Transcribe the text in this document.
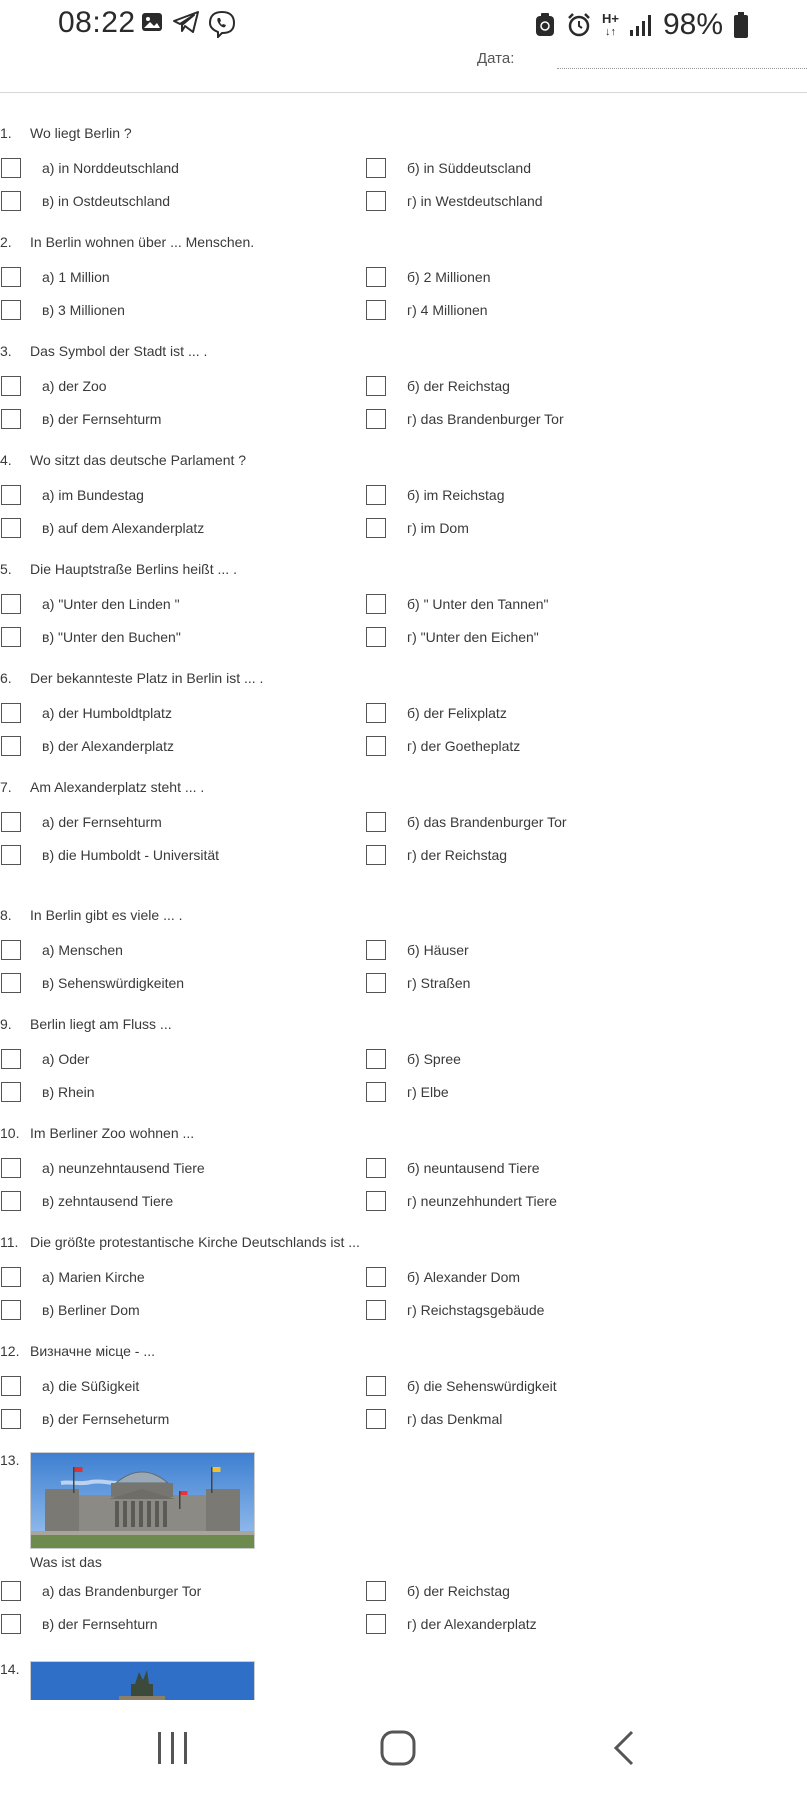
08:22	H+
↓↑ 98%
Дата:
1. Wo liegt Berlin ?
а) in Norddeutschland	б) in Süddeutscland
в) in Ostdeutschland	г) in Westdeutschland
2. In Berlin wohnen über ... Menschen.
а) 1 Million	б) 2 Millionen
в) 3 Millionen	г) 4 Millionen
3. Das Symbol der Stadt ist ... .
а) der Zoo	б) der Reichstag
в) der Fernsehturm	г) das Brandenburger Tor
4. Wo sitzt das deutsche Parlament ?
а) im Bundestag	б) im Reichstag
в) auf dem Alexanderplatz	г) im Dom
5. Die Hauptstraße Berlins heißt ... .
а) "Unter den Linden "	б) " Unter den Tannen"
в) "Unter den Buchen"	г) "Unter den Eichen"
6. Der bekannteste Platz in Berlin ist ... .
а) der Humboldtplatz	б) der Felixplatz
в) der Alexanderplatz	г) der Goetheplatz
7. Am Alexanderplatz steht ... .
а) der Fernsehturm	б) das Brandenburger Tor
в) die Humboldt - Universität	г) der Reichstag
8. In Berlin gibt es viele ... .
а) Menschen	б) Häuser
в) Sehenswürdigkeiten	г) Straßen
9. Berlin liegt am Fluss ...
а) Oder	б) Spree
в) Rhein	г) Elbe
10. Im Berliner Zoo wohnen ...
а) neunzehntausend Tiere	б) neuntausend Tiere
в) zehntausend Tiere	г) neunzehhundert Tiere
11. Die größte protestantische Kirche Deutschlands ist ...
а) Marien Kirche	б) Alexander Dom
в) Berliner Dom	г) Reichstagsgebäude
12. Визначне місце - ...
а) die Süßigkeit	б) die Sehenswürdigkeit
в) der Fernseheturm	г) das Denkmal
13.
а) das Brandenburger Tor	б) der Reichstag
в) der Fernsehturn	г) der Alexanderplatz
14.
Was ist das
